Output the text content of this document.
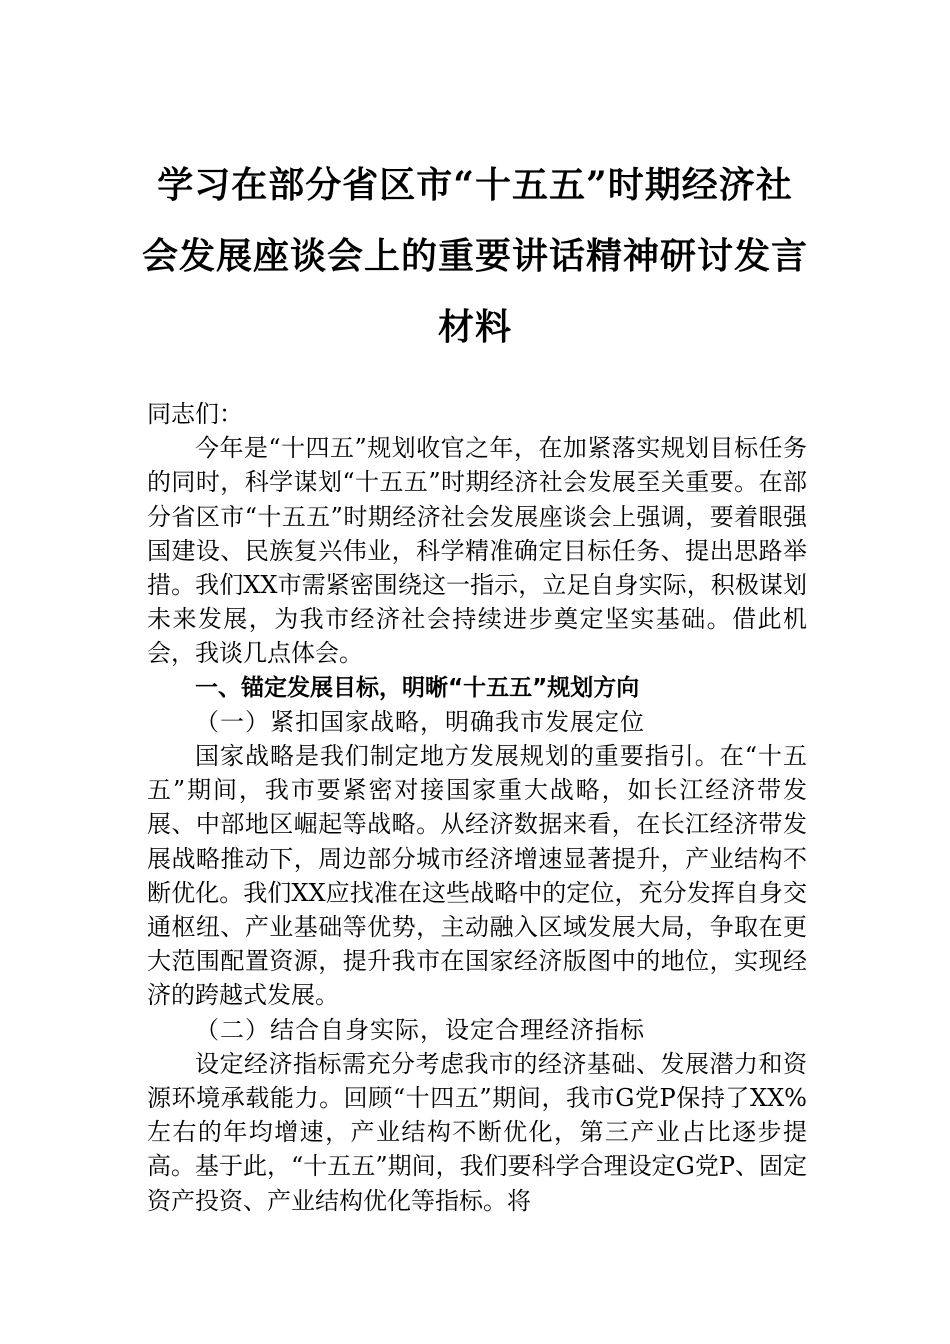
学习在部分省区市“十五五”时期经济社
会发展座谈会上的重要讲话精神研讨发言
材料

同志们：

今年是“十四五”规划收官之年，在加紧落实规划目标任务的同时，科学谋划“十五五”时期经济社会发展至关重要。在部分省区市“十五五”时期经济社会发展座谈会上强调，要着眼强国建设、民族复兴伟业，科学精准确定目标任务、提出思路举措。我们XX市需紧密围绕这一指示，立足自身实际，积极谋划未来发展，为我市经济社会持续进步奠定坚实基础。借此机会，我谈几点体会。

一、锚定发展目标，明晰“十五五”规划方向

（一）紧扣国家战略，明确我市发展定位

国家战略是我们制定地方发展规划的重要指引。在“十五五”期间，我市要紧密对接国家重大战略，如长江经济带发展、中部地区崛起等战略。从经济数据来看，在长江经济带发展战略推动下，周边部分城市经济增速显著提升，产业结构不断优化。我们XX应找准在这些战略中的定位，充分发挥自身交通枢纽、产业基础等优势，主动融入区域发展大局，争取在更大范围配置资源，提升我市在国家经济版图中的地位，实现经济的跨越式发展。

（二）结合自身实际，设定合理经济指标

设定经济指标需充分考虑我市的经济基础、发展潜力和资源环境承载能力。回顾“十四五”期间，我市G党P保持了XX%左右的年均增速，产业结构不断优化，第三产业占比逐步提高。基于此，“十五五”期间，我们要科学合理设定G党P、固定资产投资、产业结构优化等指标。将
